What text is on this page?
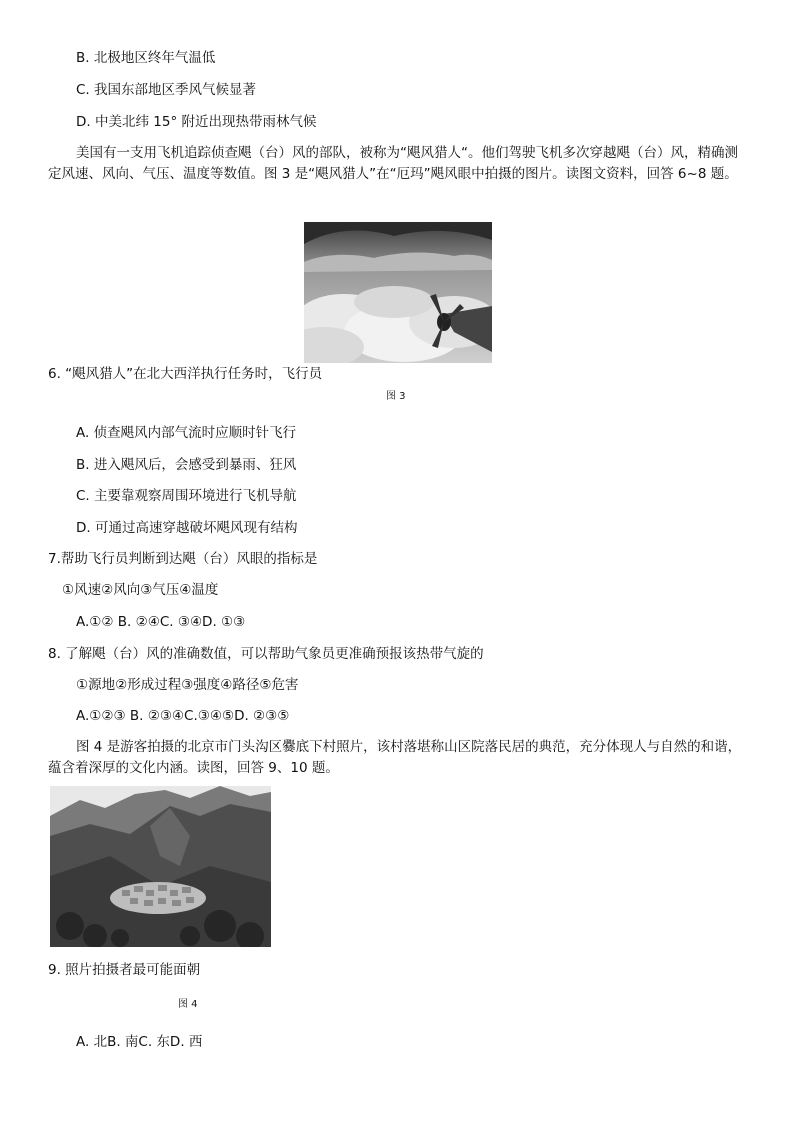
B. 北极地区终年气温低
C. 我国东部地区季风气候显著
D. 中美北纬 15° 附近出现热带雨林气候
美国有一支用飞机追踪侦查飓（台）风的部队，被称为“飓风猎人“。他们驾驶飞机多次穿越飓（台）风，精确测定风速、风向、气压、温度等数值。图 3 是“飓风猎人”在“厄玛”飓风眼中拍摄的图片。读图文资料，回答 6~8 题。
6. “飓风猎人”在北大西洋执行任务时，飞行员
图 3
A. 侦查飓风内部气流时应顺时针飞行
B. 进入飓风后，会感受到暴雨、狂风
C. 主要靠观察周围环境进行飞机导航
D. 可通过高速穿越破坏飓风现有结构
7.帮助飞行员判断到达飓（台）风眼的指标是
①风速②风向③气压④温度
A.①② B. ②④C. ③④D. ①③
8. 了解飓（台）风的准确数值，可以帮助气象员更准确预报该热带气旋的
①源地②形成过程③强度④路径⑤危害
A.①②③ B. ②③④C.③④⑤D. ②③⑤
图 4 是游客拍摄的北京市门头沟区爨底下村照片，该村落堪称山区院落民居的典范，充分体现人与自然的和谐，蕴含着深厚的文化内涵。读图，回答 9、10 题。
9. 照片拍摄者最可能面朝
图 4
A. 北B. 南C. 东D. 西
